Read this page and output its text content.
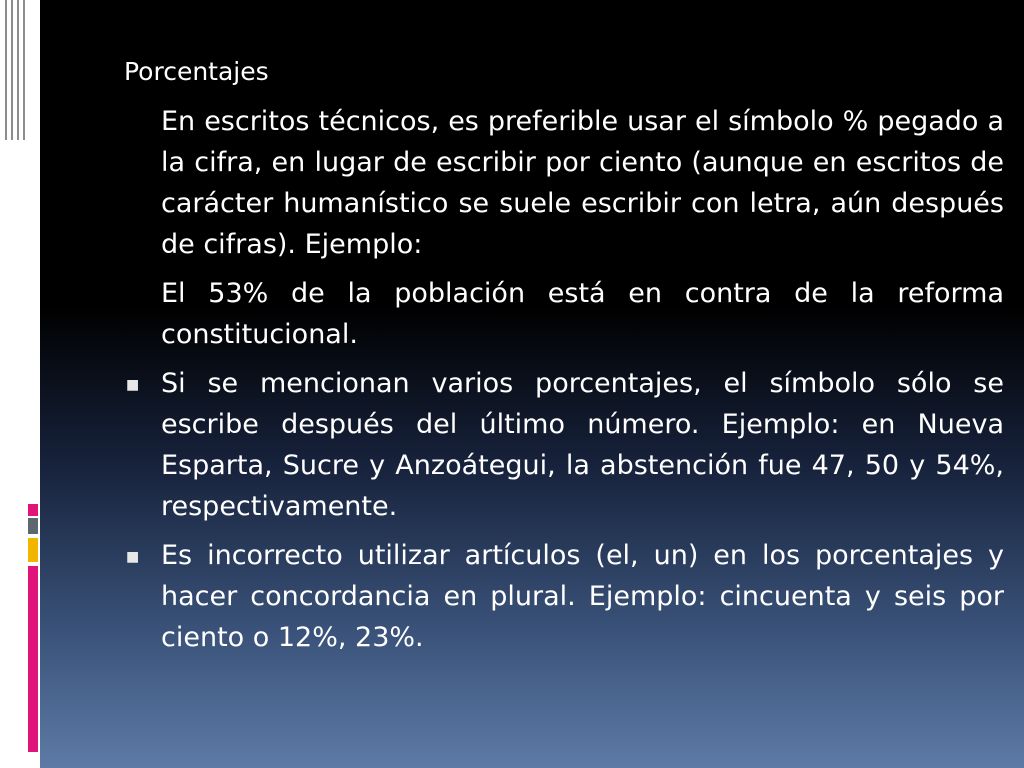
Porcentajes

En escritos técnicos, es preferible usar el símbolo % pegado a la cifra, en lugar de escribir por ciento (aunque en escritos de carácter humanístico se suele escribir con letra, aún después de cifras). Ejemplo:

El 53% de la población está en contra de la reforma constitucional.

■ Si se mencionan varios porcentajes, el símbolo sólo se escribe después del último número. Ejemplo: en Nueva Esparta, Sucre y Anzoátegui, la abstención fue 47, 50 y 54%, respectivamente.
■ Es incorrecto utilizar artículos (el, un) en los porcentajes y hacer concordancia en plural. Ejemplo: cincuenta y seis por ciento o 12%, 23%.
